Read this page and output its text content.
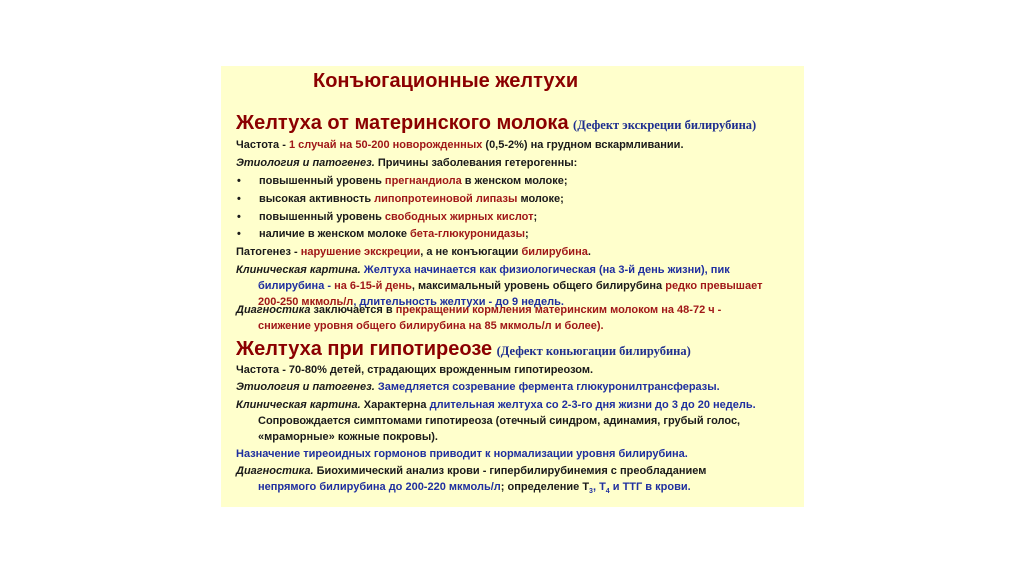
Конъюгационные желтухи
Желтуха от материнского молока (Дефект экскреции билирубина)
Частота - 1 случай на 50-200 новорожденных (0,5-2%) на грудном вскармливании.
Этиология и патогенез. Причины заболевания гетерогенны:
• повышенный уровень прегнандиола в женском молоке;
• высокая активность липопротеиновой липазы молоке;
• повышенный уровень свободных жирных кислот;
• наличие в женском молоке бета-глюкуронидазы;
Патогенез - нарушение экскреции, а не конъюгации билирубина.
Клиническая картина. Желтуха начинается как физиологическая (на 3-й день жизни), пик
билирубина - на 6-15-й день, максимальный уровень общего билирубина редко превышает
200-250 мкмоль/л, длительность желтухи - до 9 недель.
Диагностика заключается в прекращении кормления материнским молоком на 48-72 ч -
снижение уровня общего билирубина на 85 мкмоль/л и более).
Желтуха при гипотиреозе (Дефект коньюгации билирубина)
Частота - 70-80% детей, страдающих врожденным гипотиреозом.
Этиология и патогенез. Замедляется созревание фермента глюкуронилтрансферазы.
Клиническая картина. Характерна длительная желтуха со 2-3-го дня жизни до 3 до 20 недель.
Сопровождается симптомами гипотиреоза (отечный синдром, адинамия, грубый голос,
«мраморные» кожные покровы).
Назначение тиреоидных гормонов приводит к нормализации уровня билирубина.
Диагностика. Биохимический анализ крови - гипербилирубинемия с преобладанием
непрямого билирубина до 200-220 мкмоль/л; определение $Т_3$, $Т_4$ и ТТГ в крови.
